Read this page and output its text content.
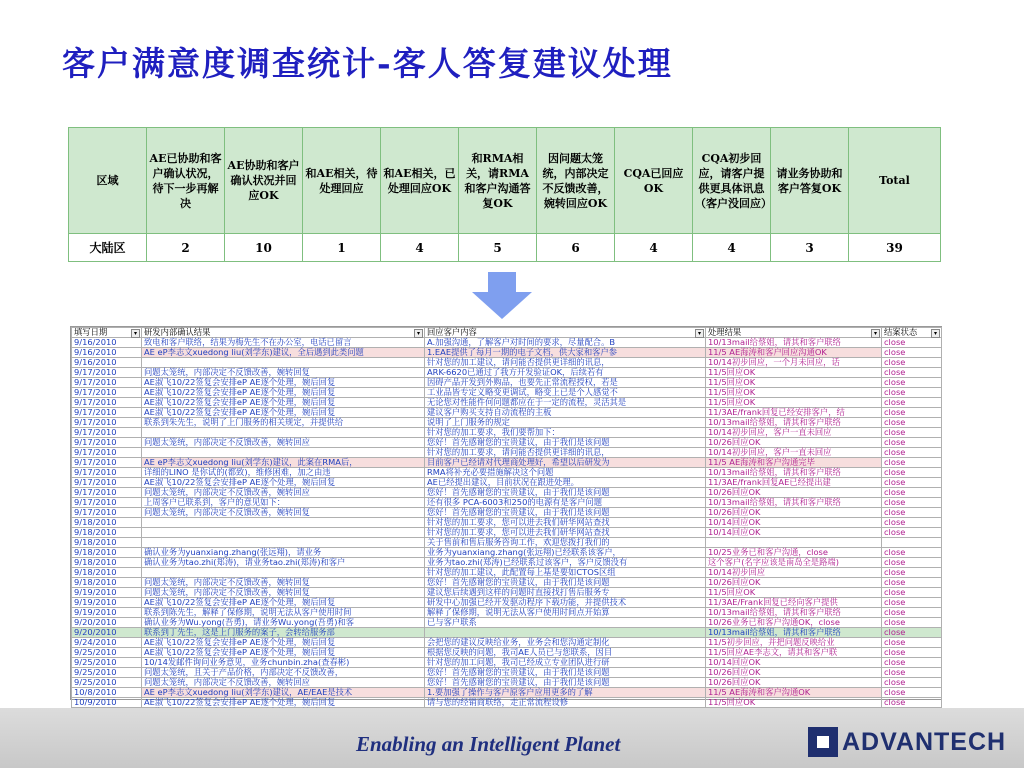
客户满意度调查统计-客人答复建议处理
区域	AE已协助和客户确认状况，待下一步再解决	AE协助和客户确认状况并回应OK	和AE相关，待处理回应	和AE相关，已处理回应OK	和RMA相关，请RMA和客户沟通答复OK	因问题太笼统，内部决定不反馈改善，婉转回应OK	CQA已回应OK	CQA初步回应，请客户提供更具体讯息（客户没回应）	请业务协助和客户答复OK	Total
大陆区	2	10	1	4	5	6	4	4	3	39
填写日期 ▾	研发内部确认结果 ▾	回应客户内容 ▾	处理结果 ▾	结案状态 ▾

9/16/2010	致电和客户联络，结果为梅先生不在办公室，电话已留言	A.加强沟通，了解客户对时间的要求，尽量配合。B	10/13mail给蔡姐，请其和客户联络	close
9/16/2010	AE eP李志文xuedong liu(刘学东)建议，全后遇到此类问题	1.EAE提供了每月一期的电子文档，供大家和客户参	11/5 AE海涛和客户回应沟通OK	close
9/16/2010		针对您的加工建议，请问能否提供更详细的讯息，	10/14初步回应，一个月未回应，话	close
9/17/2010	问题太笼统，内部决定不反馈改善，婉转回复	ARK-6620已通过了我方开发验证OK，后续若有	11/5回应OK	close
9/17/2010	AE淑飞10/22签复会安排eP AE逐个处理，婉后回复	因碍产品开发到外购品，也要先正常流程授权，若是	11/5回应OK	close
9/17/2010	AE淑飞10/22签复会安排eP AE逐个处理，婉后回复	工业品皆专定义略变更调试，略变上已是个人感觉不	11/5回应OK	close
9/17/2010	AE淑飞10/22签复会安排eP AE逐个处理，婉后回复	无论您对性能件何问题都应在于一定的流程，灵活其是	11/5回应OK	close
9/17/2010	AE淑飞10/22签复会安排eP AE逐个处理，婉后回复	建议客户购买支持自动流程的主板	11/3AE/frank回复已经安排客户，结	close
9/17/2010	联系到朱先生，说明了上门服务的相关规定，并提供给	说明了上门服务的规定	10/13mail给蔡姐，请其和客户联络	close
9/17/2010		针对您的加工要求，我们要帮加下：	10/14初步回应，客户一直未回应	close
9/17/2010	问题太笼统，内部决定不反馈改善，婉转回应	您好！首先感谢您的宝贵建议，由于我们是该问题	10/26回应OK	close
9/17/2010		针对您的加工要求，请问能否提供更详细的讯息，	10/14初步回应，客户一直未回应	close
9/17/2010	AE eP李志文xuedong liu(刘学东)建议，此案在RMA后，	目前客户已经请对代理商处理好，希望以后研发为	11/5 AE海涛和客户沟通完毕	close
9/17/2010	详细的LINO 是你试的(都致)，维修困难，加之由违	RMA将补充必要措施解决这个问题	10/13mail给蔡姐，请其和客户联络	close
9/17/2010	AE淑飞10/22签复会安排eP AE逐个处理，婉后回复	AE已经提出建议，目前状况在跟进处理。	11/3AE/frank回复AE已经提出建	close
9/17/2010	问题太笼统，内部决定不反馈改善，婉转回应	您好！首先感谢您的宝贵建议，由于我们是该问题	10/26回应OK	close
9/17/2010	上周客户已联系到，客户的意见如下：	还有很多 PCA-6003和250的电源有是客户问题	10/13mail给蔡姐，请其和客户联络	close
9/17/2010	问题太笼统，内部决定不反馈改善，婉转回复	您好！首先感谢您的宝贵建议，由于我们是该问题	10/26回应OK	close
9/18/2010		针对您的加工要求，您可以进去我们研华网站查找	10/14回应OK	close
9/18/2010		针对您的加工要求，您可以进去我们研华网站查找	10/14回应OK	close
9/18/2010		关于售前和售后服务咨询工作，欢迎您拨打我们的		
9/18/2010	确认业务为yuanxiang.zhang(张远翔)，请业务	业务为yuanxiang.zhang(张远翔)已经联系该客户，	10/25业务已和客户沟通，close	close
9/18/2010	确认业务为tao.zhi(郑涛)，请业务tao.zhi(郑涛)和客户	业务为tao.zhi(郑涛)已经联系过该客户，客户反馈没有	这个客户(名字应该是南岛全是路端)	close
9/18/2010		针对您的加工建议，此配置每上基是要如CTOS区组	10/14初步回应	close
9/18/2010	问题太笼统，内部决定不反馈改善，婉转回复	您好！首先感谢您的宝贵建议，由于我们是该问题	10/26回应OK	close
9/19/2010	问题太笼统，内部决定不反馈改善，婉转回复	建议您后续遇到这样的问题时直接找打售后服务专	11/5回应OK	close
9/19/2010	AE淑飞10/22签复会安排eP AE逐个处理，婉后回复	研发中心加强已经开发驱动程序下载功能，并提供技术	11/3AE/Frank回复已经向客户提供	close
9/19/2010	联系到陈先生，解释了保修期，说明无法从客户使用时间	解释了保修期，说明无法从客户使用时间点开始算	10/13mail给蔡姐，请其和客户联络	close
9/20/2010	确认业务为Wu.yong(吾勇)，请业务Wu.yong(吾勇)和客	已与客户联系	10/26业务已和客户沟通OK，close	close
9/20/2010	联系到丁先生，这是上门服务的案子，会转给服务部		10/13mail给蔡姐，请其和客户联络	close
9/24/2010	AE淑飞10/22签复会安排eP AE逐个处理，婉后回复	会把您的建议反映给业务，业务会和您沟通定制化	11/5初步回应，并把问题反映给业	close
9/25/2010	AE淑飞10/22签复会安排eP AE逐个处理，婉后回复	根据您反映的问题，我司AE人员已与您联系，因目	11/5回应AE李志文，请其和客户联	close
9/25/2010	10/14发邮件询问业务意见，业务chunbin.zha(查春彬)	针对您的加工问题，我司已经成立专业团队进行研	10/14回应OK	close
9/25/2010	问题太笼统，且关于产品价格，内部决定不反馈改善，	您好！首先感谢您的宝贵建议，由于我们是该问题	10/26回应OK	close
9/25/2010	问题太笼统，内部决定不反馈改善，婉转回应	您好！首先感谢您的宝贵建议，由于我们是该问题	10/26回应OK	close
10/8/2010	AE eP李志文xuedong liu(刘学东)建议，AE/EAE是技术	1.要加强了操作与客户原客户应用更多的了解	11/5 AE海涛和客户沟通OK	close
10/9/2010	AE淑飞10/22签复会安排eP AE逐个处理，婉后回复	请与您的经销商联络，走正常流程设修	11/5回应OK	close

Enabling an Intelligent Planet	ADVANTECH
